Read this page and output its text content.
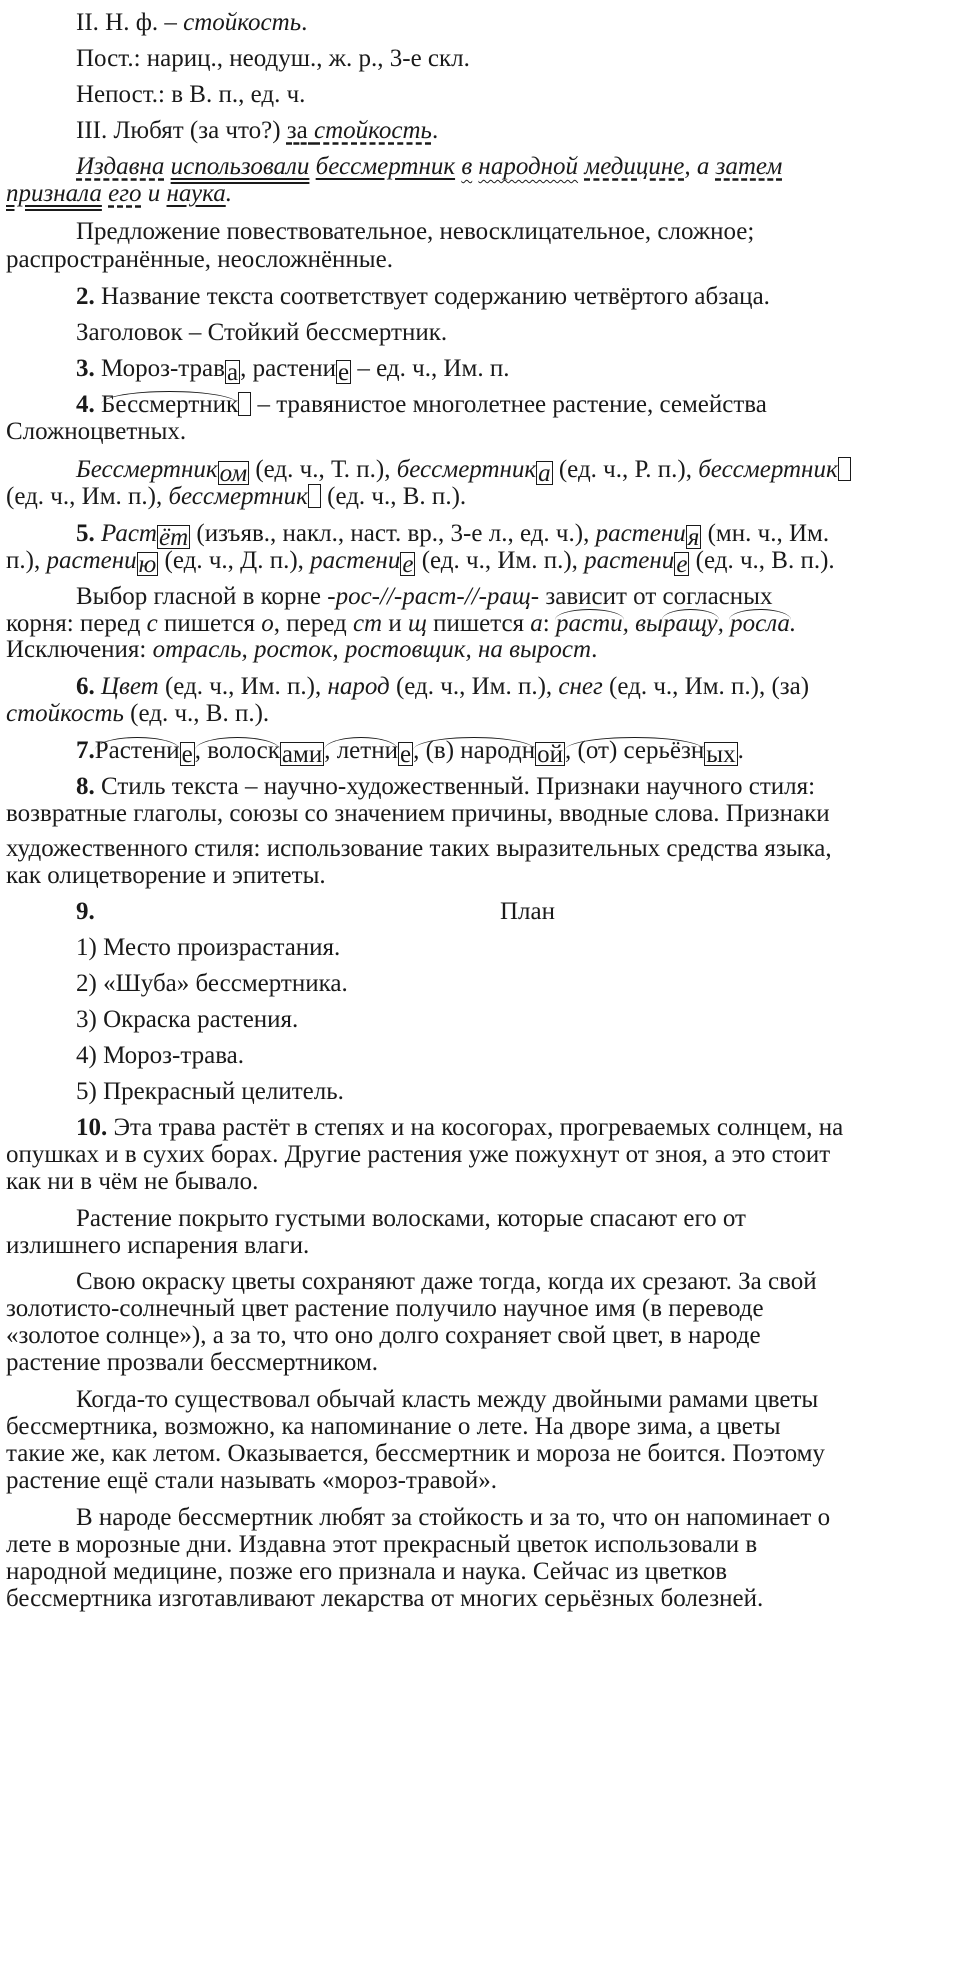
II. Н. ф. – стойкость.
Пост.: нариц., неодуш., ж. р., 3-е скл.
Непост.: в В. п., ед. ч.
III. Любят (за что?) за стойкость.
Издавна использовали бессмертник в народной медицине, а затем
признала его и наука.
Предложение повествовательное, невосклицательное, сложное;
распространённые, неосложнённые.
2. Название текста соответствует содержанию четвёртого абзаца.
Заголовок – Стойкий бессмертник.
3. Мороз-трава, растение – ед. ч., Им. п.
4. Бессмертник – травянистое многолетнее растение, семейства
Сложноцветных.
Бессмертником (ед. ч., Т. п.), бессмертника (ед. ч., Р. п.), бессмертник
(ед. ч., Им. п.), бессмертник (ед. ч., В. п.).
5. Растёт (изъяв., накл., наст. вр., 3-е л., ед. ч.), растения (мн. ч., Им.
п.), растению (ед. ч., Д. п.), растение (ед. ч., Им. п.), растение (ед. ч., В. п.).
Выбор гласной в корне -рос-//-раст-//-ращ- зависит от согласных
корня: перед с пишется о, перед ст и щ пишется а: расти, выращу, росла.
Исключения: отрасль, росток, ростовщик, на вырост.
6. Цвет (ед. ч., Им. п.), народ (ед. ч., Им. п.), снег (ед. ч., Им. п.), (за)
стойкость (ед. ч., В. п.).
7.Растение, волосками, летние, (в) народной, (от) серьёзных.
8. Стиль текста – научно-художественный. Признаки научного стиля:
возвратные глаголы, союзы со значением причины, вводные слова. Признаки
художественного стиля: использование таких выразительных средства языка,
как олицетворение и эпитеты.
9.	План
1) Место произрастания.
2) «Шуба» бессмертника.
3) Окраска растения.
4) Мороз-трава.
5) Прекрасный целитель.
10. Эта трава растёт в степях и на косогорах, прогреваемых солнцем, на
опушках и в сухих борах. Другие растения уже пожухнут от зноя, а это стоит
как ни в чём не бывало.
Растение покрыто густыми волосками, которые спасают его от
излишнего испарения влаги.
Свою окраску цветы сохраняют даже тогда, когда их срезают. За свой
золотисто-солнечный цвет растение получило научное имя (в переводе
«золотое солнце»), а за то, что оно долго сохраняет свой цвет, в народе
растение прозвали бессмертником.
Когда-то существовал обычай класть между двойными рамами цветы
бессмертника, возможно, ка напоминание о лете. На дворе зима, а цветы
такие же, как летом. Оказывается, бессмертник и мороза не боится. Поэтому
растение ещё стали называть «мороз-травой».
В народе бессмертник любят за стойкость и за то, что он напоминает о
лете в морозные дни. Издавна этот прекрасный цветок использовали в
народной медицине, позже его признала и наука. Сейчас из цветков
бессмертника изготавливают лекарства от многих серьёзных болезней.
